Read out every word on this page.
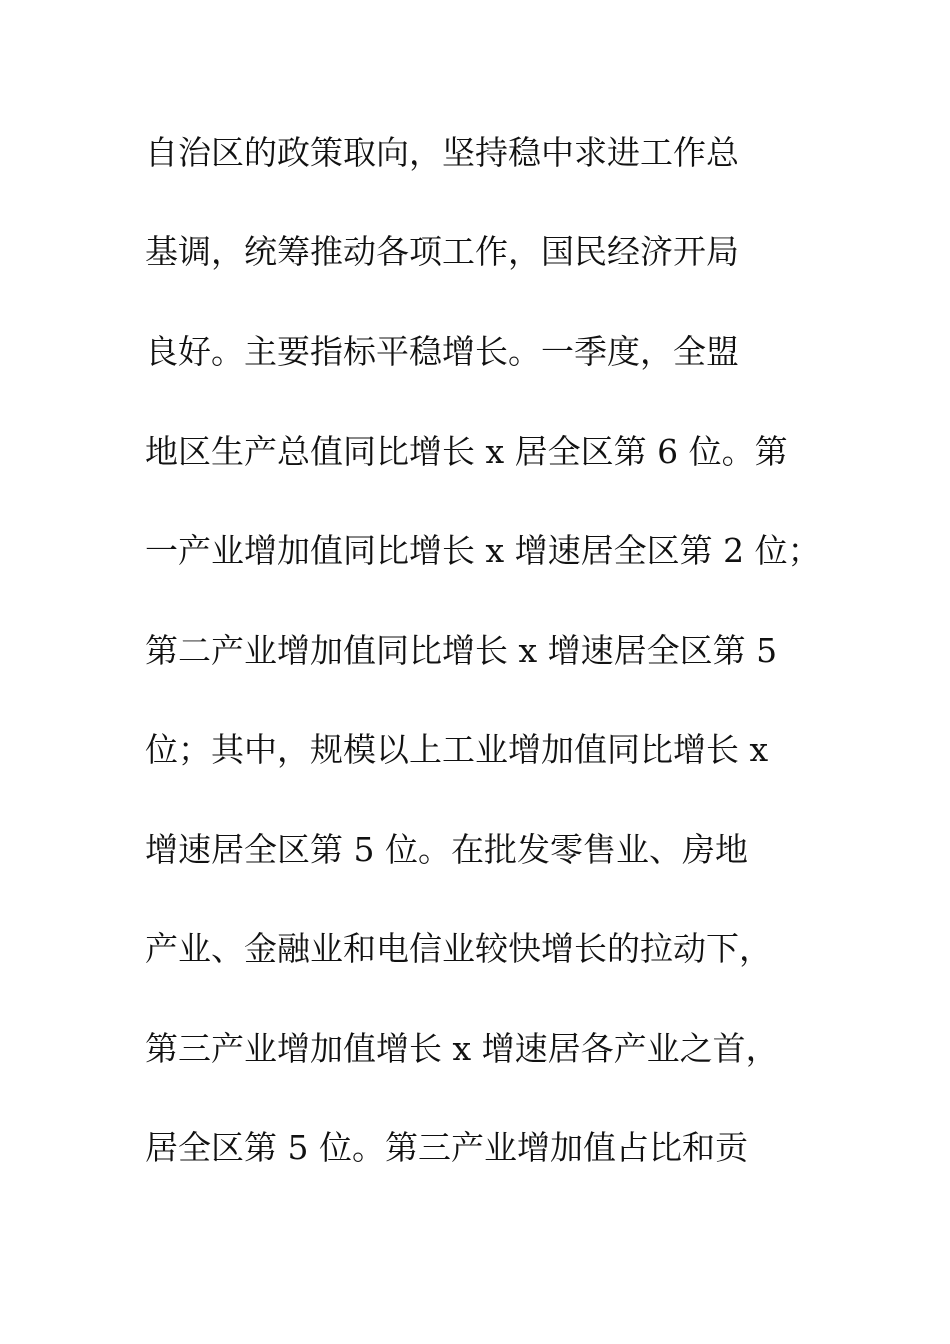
自治区的政策取向，坚持稳中求进工作总
基调，统筹推动各项工作，国民经济开局
良好。主要指标平稳增长。一季度，全盟
地区生产总值同比增长 x 居全区第 6 位。第
一产业增加值同比增长 x 增速居全区第 2 位；
第二产业增加值同比增长 x 增速居全区第 5
位；其中，规模以上工业增加值同比增长 x
增速居全区第 5 位。在批发零售业、房地
产业、金融业和电信业较快增长的拉动下，
第三产业增加值增长 x 增速居各产业之首，
居全区第 5 位。第三产业增加值占比和贡
